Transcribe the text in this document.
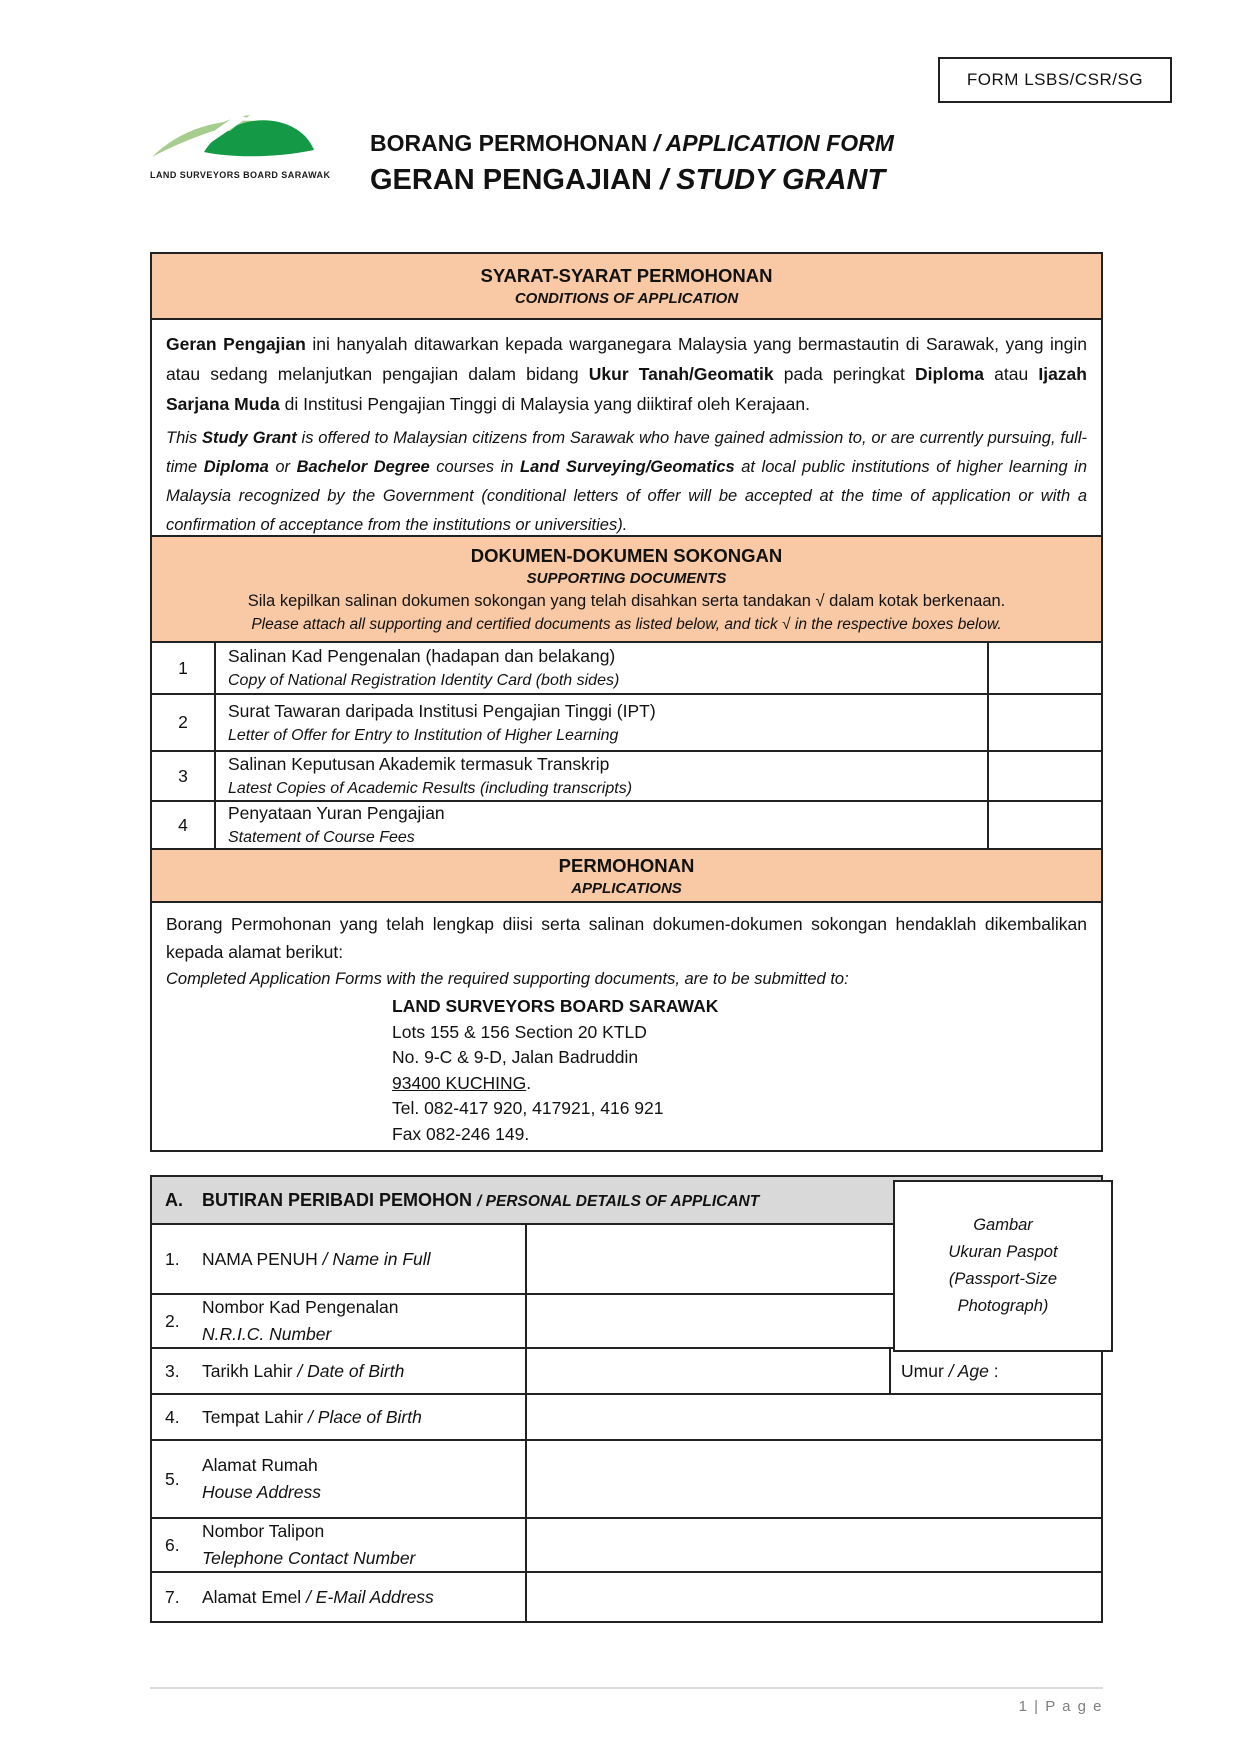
FORM LSBS/CSR/SG
LAND SURVEYORS BOARD SARAWAK
BORANG PERMOHONAN / APPLICATION FORM
GERAN PENGAJIAN / STUDY GRANT
SYARAT-SYARAT PERMOHONAN
CONDITIONS OF APPLICATION

Geran Pengajian ini hanyalah ditawarkan kepada warganegara Malaysia yang bermastautin di Sarawak, yang ingin atau sedang melanjutkan pengajian dalam bidang Ukur Tanah/Geomatik pada peringkat Diploma atau Ijazah Sarjana Muda di Institusi Pengajian Tinggi di Malaysia yang diiktiraf oleh Kerajaan.

This Study Grant is offered to Malaysian citizens from Sarawak who have gained admission to, or are currently pursuing, full-time Diploma or Bachelor Degree courses in Land Surveying/Geomatics at local public institutions of higher learning in Malaysia recognized by the Government (conditional letters of offer will be accepted at the time of application or with a confirmation of acceptance from the institutions or universities).

DOKUMEN-DOKUMEN SOKONGAN
SUPPORTING DOCUMENTS
Sila kepilkan salinan dokumen sokongan yang telah disahkan serta tandakan √ dalam kotak berkenaan.
Please attach all supporting and certified documents as listed below, and tick √ in the respective boxes below.
1
Salinan Kad Pengenalan (hadapan dan belakang)
Copy of National Registration Identity Card (both sides)
2
Surat Tawaran daripada Institusi Pengajian Tinggi (IPT)
Letter of Offer for Entry to Institution of Higher Learning
3
Salinan Keputusan Akademik termasuk Transkrip
Latest Copies of Academic Results (including transcripts)
4
Penyataan Yuran Pengajian
Statement of Course Fees
PERMOHONAN
APPLICATIONS

Borang Permohonan yang telah lengkap diisi serta salinan dokumen-dokumen sokongan hendaklah dikembalikan kepada alamat berikut:

Completed Application Forms with the required supporting documents, are to be submitted to:

LAND SURVEYORS BOARD SARAWAK
Lots 155 & 156 Section 20 KTLD
No. 9-C & 9-D, Jalan Badruddin
93400 KUCHING.
Tel. 082-417 920, 417921, 416 921
Fax 082-246 149.
Gambar
Ukuran Paspot
(Passport-Size
Photograph)
A.	BUTIRAN PERIBADI PEMOHON / PERSONAL DETAILS OF APPLICANT
1.	NAMA PENUH / Name in Full
2.
Nombor Kad Pengenalan
N.R.I.C. Number
3.	Tarikh Lahir / Date of Birth	Umur
/ Age
:
4.	Tempat Lahir / Place of Birth
5.
Alamat Rumah
House Address
6.
Nombor Talipon
Telephone Contact Number
7.	Alamat Emel / E-Mail Address
1 | P a g e
